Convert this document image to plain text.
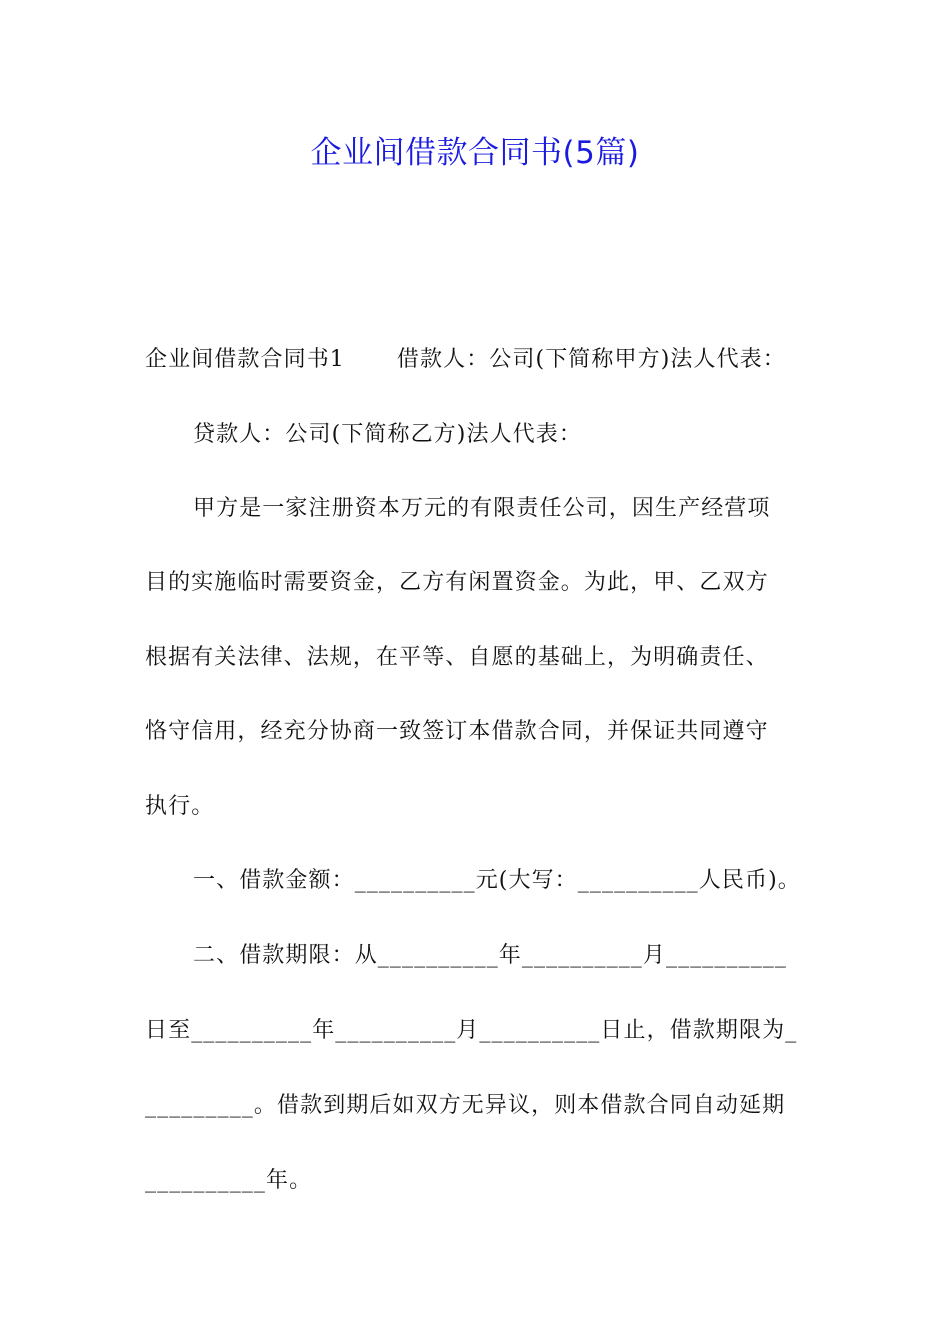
企业间借款合同书(5篇)
企业间借款合同书1 借款人：公司(下简称甲方)法人代表：
贷款人：公司(下简称乙方)法人代表：
甲方是一家注册资本万元的有限责任公司，因生产经营项
目的实施临时需要资金，乙方有闲置资金。为此，甲、乙双方
根据有关法律、法规，在平等、自愿的基础上，为明确责任、
恪守信用，经充分协商一致签订本借款合同，并保证共同遵守
执行。
一、借款金额：__________元(大写：__________人民币)。
二、借款期限：从__________年__________月__________
日至__________年__________月__________日止，借款期限为_
_________。借款到期后如双方无异议，则本借款合同自动延期
__________年。
